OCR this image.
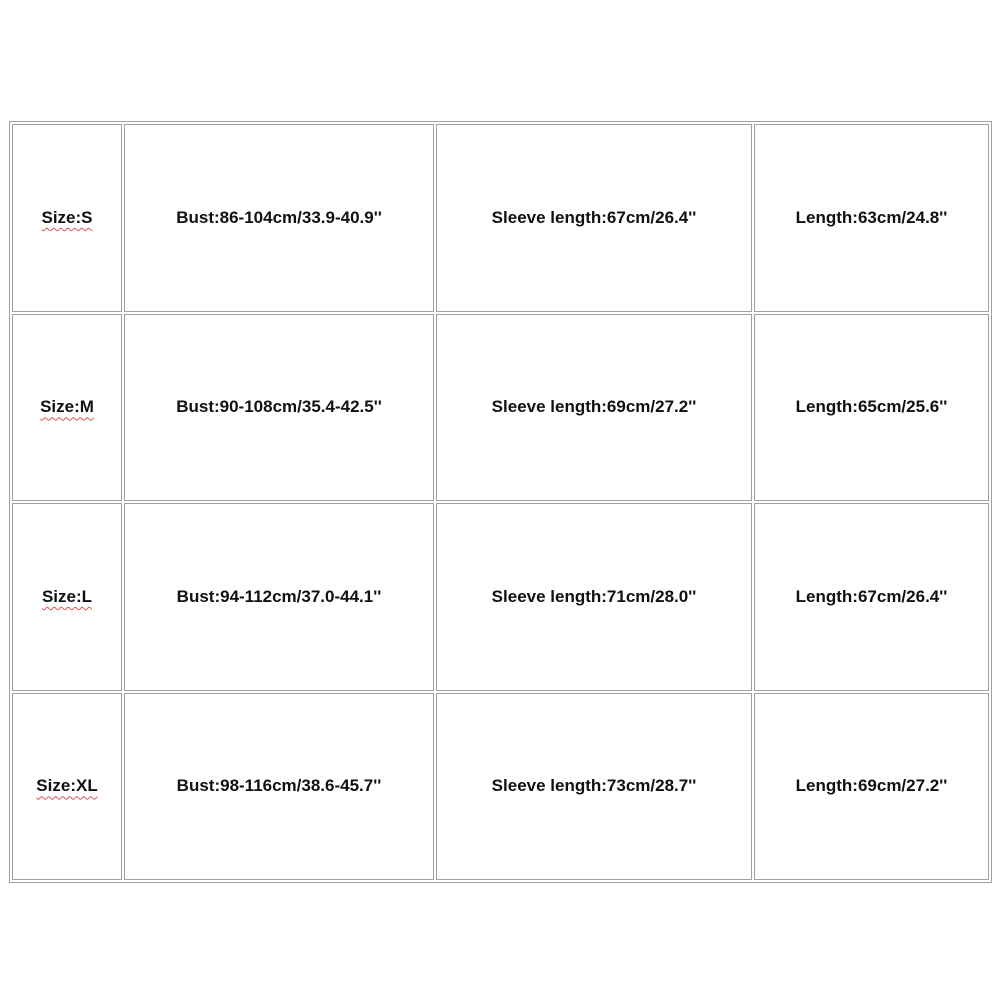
Size:S	Bust:86-104cm/33.9-40.9''	Sleeve length:67cm/26.4''	Length:63cm/24.8''
Size:M	Bust:90-108cm/35.4-42.5''	Sleeve length:69cm/27.2''	Length:65cm/25.6''
Size:L	Bust:94-112cm/37.0-44.1''	Sleeve length:71cm/28.0''	Length:67cm/26.4''
Size:XL	Bust:98-116cm/38.6-45.7''	Sleeve length:73cm/28.7''	Length:69cm/27.2''
